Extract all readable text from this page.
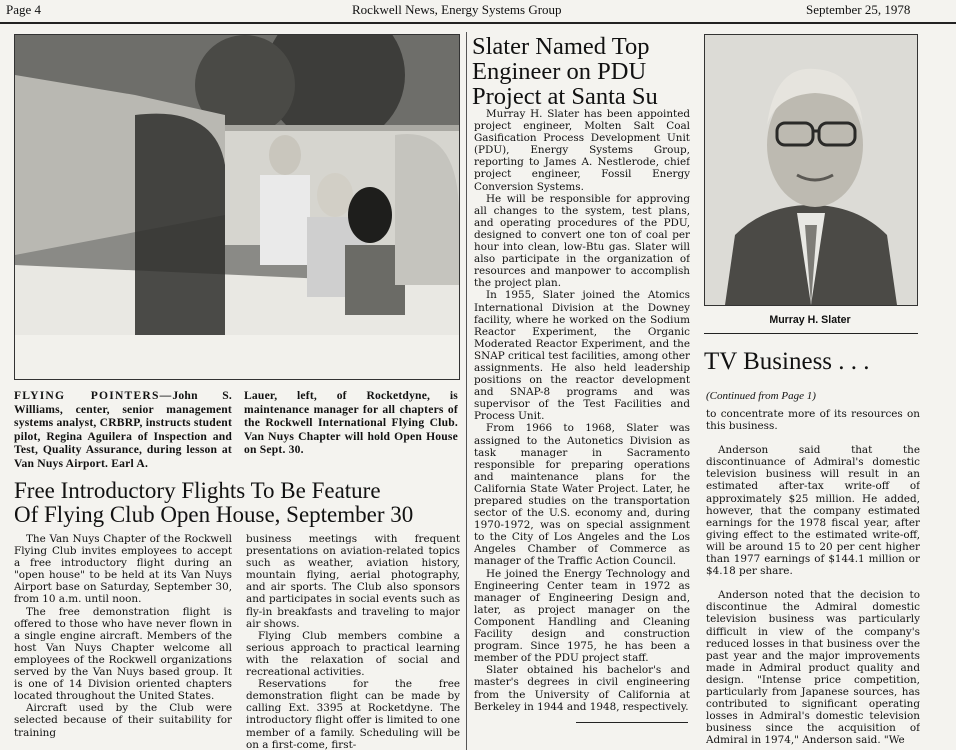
Page 4	Rockwell News, Energy Systems Group	September 25, 1978
FLYING POINTERS—John S. Williams, center, senior management systems analyst, CRBRP, instructs student pilot, Regina Aguilera of Inspection and Test, Quality Assurance, during lesson at Van Nuys Airport. Earl A.
Lauer, left, of Rocketdyne, is maintenance manager for all chapters of the Rockwell International Flying Club. Van Nuys Chapter will hold Open House on Sept. 30.
Free Introductory Flights To Be Feature
Of Flying Club Open House, September 30

The Van Nuys Chapter of the Rockwell Flying Club invites employees to accept a free introductory flight during an "open house" to be held at its Van Nuys Airport base on Saturday, September 30, from 10 a.m. until noon.

The free demonstration flight is offered to those who have never flown in a single engine aircraft. Members of the host Van Nuys Chapter welcome all employees of the Rockwell organizations served by the Van Nuys based group. It is one of 14 Division oriented chapters located throughout the United States.

Aircraft used by the Club were selected because of their suitability for training

business meetings with frequent presentations on aviation-related topics such as weather, aviation history, mountain flying, aerial photography, and air sports. The Club also sponsors and participates in social events such as fly-in breakfasts and traveling to major air shows.

Flying Club members combine a serious approach to practical learning with the relaxation of social and recreational activities.

Reservations for the free demonstration flight can be made by calling Ext. 3395 at Rocketdyne. The introductory flight offer is limited to one member of a family. Scheduling will be on a first-come, first-

Slater Named Top
Engineer on PDU
Project at Santa Su

Murray H. Slater has been appointed project engineer, Molten Salt Coal Gasification Process Development Unit (PDU), Energy Systems Group, reporting to James A. Nestlerode, chief project engineer, Fossil Energy Conversion Systems.

He will be responsible for approving all changes to the system, test plans, and operating procedures of the PDU, designed to convert one ton of coal per hour into clean, low-Btu gas. Slater will also participate in the organization of resources and manpower to accomplish the project plan.

In 1955, Slater joined the Atomics International Division at the Downey facility, where he worked on the Sodium Reactor Experiment, the Organic Moderated Reactor Experiment, and the SNAP critical test facilities, among other assignments. He also held leadership positions on the reactor development and SNAP-8 programs and was supervisor of the Test Facilities and Process Unit.

From 1966 to 1968, Slater was assigned to the Autonetics Division as task manager in Sacramento responsible for preparing operations and maintenance plans for the California State Water Project. Later, he prepared studies on the transportation sector of the U.S. economy and, during 1970-1972, was on special assignment to the City of Los Angeles and the Los Angeles Chamber of Commerce as manager of the Traffic Action Council.

He joined the Energy Technology and Engineering Center team in 1972 as manager of Engineering Design and, later, as project manager on the Component Handling and Cleaning Facility design and construction program. Since 1975, he has been a member of the PDU project staff.

Slater obtained his bachelor's and master's degrees in civil engineering from the University of California at Berkeley in 1944 and 1948, respectively.

Murray H. Slater
TV Business . . .
(Continued from Page 1)

to concentrate more of its resources on this business.

Anderson said that the discontinuance of Admiral's domestic television business will result in an estimated after-tax write-off of approximately $25 million. He added, however, that the company estimated earnings for the 1978 fiscal year, after giving effect to the estimated write-off, will be around 15 to 20 per cent higher than 1977 earnings of $144.1 million or $4.18 per share.

Anderson noted that the decision to discontinue the Admiral domestic television business was particularly difficult in view of the company's reduced losses in that business over the past year and the major improvements made in Admiral product quality and design. "Intense price competition, particularly from Japanese sources, has contributed to significant operating losses in Admiral's domestic television business since the acquisition of Admiral in 1974," Anderson said. "We
